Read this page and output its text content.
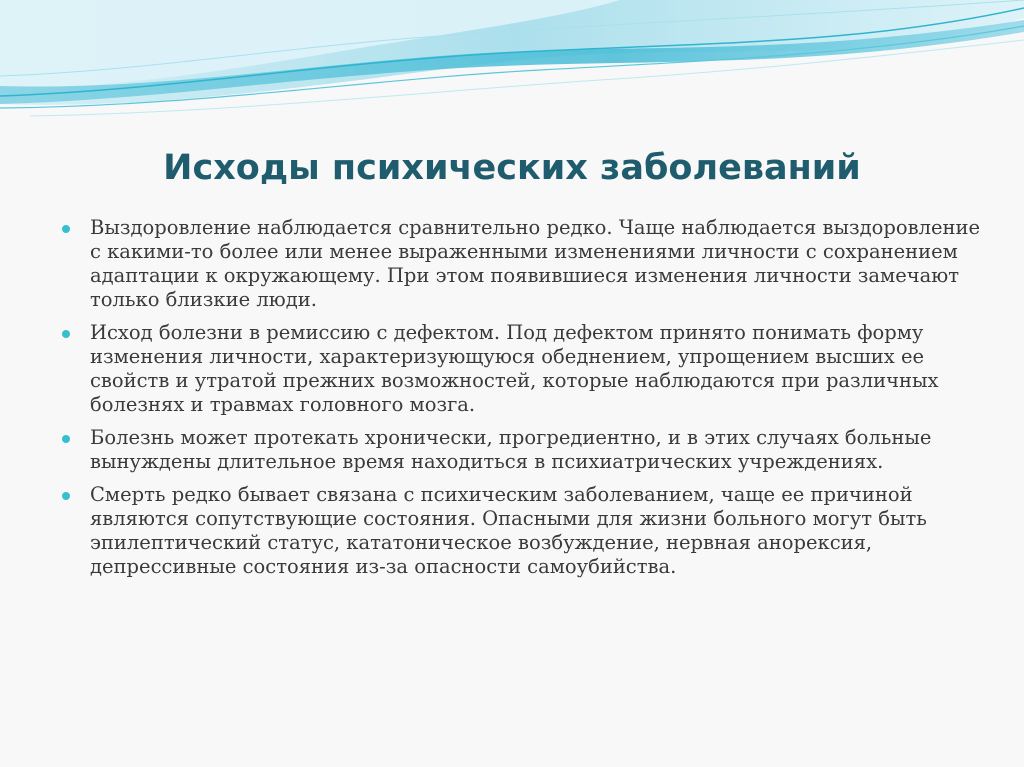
Исходы психических заболеваний
Выздоровление наблюдается сравнительно редко. Чаще наблюдается выздоровление с какими-то более или менее выраженными изменениями личности с сохранением адаптации к окружающему. При этом появившиеся изменения личности замечают только близкие люди.
Исход болезни в ремиссию с дефектом. Под дефектом принято понимать форму изменения личности, характеризующуюся обеднением, упрощением высших ее свойств и утратой прежних возможностей, которые наблюдаются при различных болезнях и травмах головного мозга.
Болезнь может протекать хронически, прогредиентно, и в этих случаях больные вынуждены длительное время находиться в психиатрических учреждениях.
Смерть редко бывает связана с психическим заболеванием, чаще ее причиной являются сопутствующие состояния. Опасными для жизни больного могут быть эпилептический статус, кататоническое возбуждение, нервная анорексия, депрессивные состояния из-за опасности самоубийства.
